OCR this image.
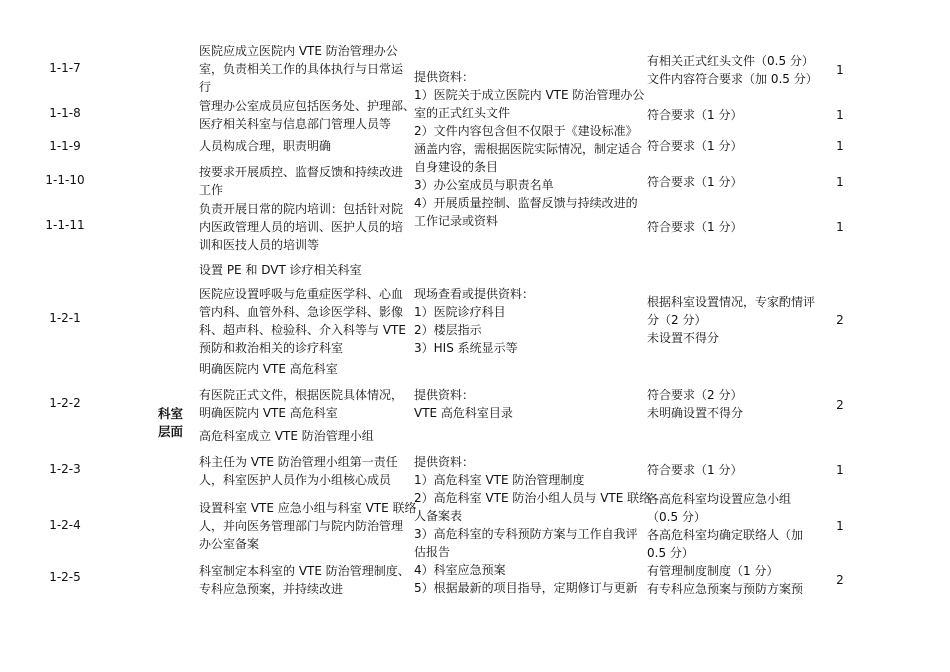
科室
层面
1-1-7
1-1-8
1-1-9
1-1-10
1-1-11
1-2-1
1-2-2
1-2-3
1-2-4
1-2-5
医院应成立医院内 VTE 防治管理办公
室，负责相关工作的具体执行与日常运
行
管理办公室成员应包括医务处、护理部、
医疗相关科室与信息部门管理人员等
人员构成合理，职责明确
按要求开展质控、监督反馈和持续改进
工作
负责开展日常的院内培训：包括针对院
内医政管理人员的培训、医护人员的培
训和医技人员的培训等
设置 PE 和 DVT 诊疗相关科室
医院应设置呼吸与危重症医学科、心血
管内科、血管外科、急诊医学科、影像
科、超声科、检验科、介入科等与 VTE
预防和救治相关的诊疗科室
明确医院内 VTE 高危科室
有医院正式文件，根据医院具体情况，
明确医院内 VTE 高危科室
高危科室成立 VTE 防治管理小组
科主任为 VTE 防治管理小组第一责任
人，科室医护人员作为小组核心成员
设置科室 VTE 应急小组与科室 VTE 联络
人，并向医务管理部门与院内防治管理
办公室备案
科室制定本科室的 VTE 防治管理制度、
专科应急预案，并持续改进
提供资料：
1）医院关于成立医院内 VTE 防治管理办公
室的正式红头文件
2）文件内容包含但不仅限于《建设标准》
涵盖内容，需根据医院实际情况，制定适合
自身建设的条目
3）办公室成员与职责名单
4）开展质量控制、监督反馈与持续改进的
工作记录或资料
现场查看或提供资料：
1）医院诊疗科目
2）楼层指示
3）HIS 系统显示等
提供资料：
VTE 高危科室目录
提供资料：
1）高危科室 VTE 防治管理制度
2）高危科室 VTE 防治小组人员与 VTE 联络
人备案表
3）高危科室的专科预防方案与工作自我评
估报告
4）科室应急预案
5）根据最新的项目指导，定期修订与更新
有相关正式红头文件（0.5 分）
文件内容符合要求（加 0.5 分）
符合要求（1 分）
符合要求（1 分）
符合要求（1 分）
符合要求（1 分）
根据科室设置情况，专家酌情评
分（2 分）
未设置不得分
符合要求（2 分）
未明确设置不得分
符合要求（1 分）
各高危科室均设置应急小组
（0.5 分）
各高危科室均确定联络人（加
0.5 分）
有管理制度制度（1 分）
有专科应急预案与预防方案预
1
1
1
1
1
2
2
1
1
2
